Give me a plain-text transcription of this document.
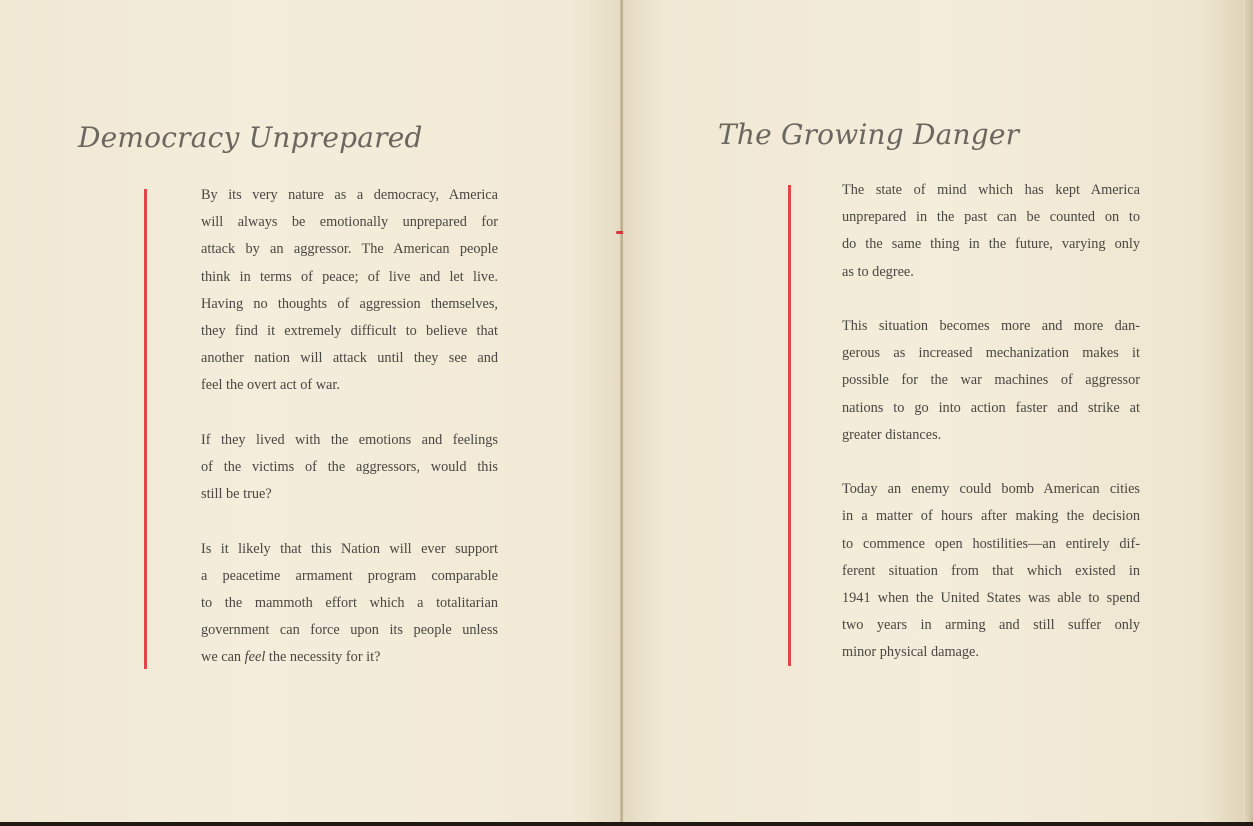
Democracy Unprepared

By its very nature as a democracy, America
will always be emotionally unprepared for
attack by an aggressor. The American people
think in terms of peace; of live and let live.
Having no thoughts of aggression themselves,
they find it extremely difficult to believe that
another nation will attack until they see and
feel the overt act of war.

If they lived with the emotions and feelings
of the victims of the aggressors, would this
still be true?

Is it likely that this Nation will ever support
a peacetime armament program comparable
to the mammoth effort which a totalitarian
government can force upon its people unless
we can feel the necessity for it?

The Growing Danger

The state of mind which has kept America
unprepared in the past can be counted on to
do the same thing in the future, varying only
as to degree.

This situation becomes more and more dan-
gerous as increased mechanization makes it
possible for the war machines of aggressor
nations to go into action faster and strike at
greater distances.

Today an enemy could bomb American cities
in a matter of hours after making the decision
to commence open hostilities—an entirely dif-
ferent situation from that which existed in
1941 when the United States was able to spend
two years in arming and still suffer only
minor physical damage.
